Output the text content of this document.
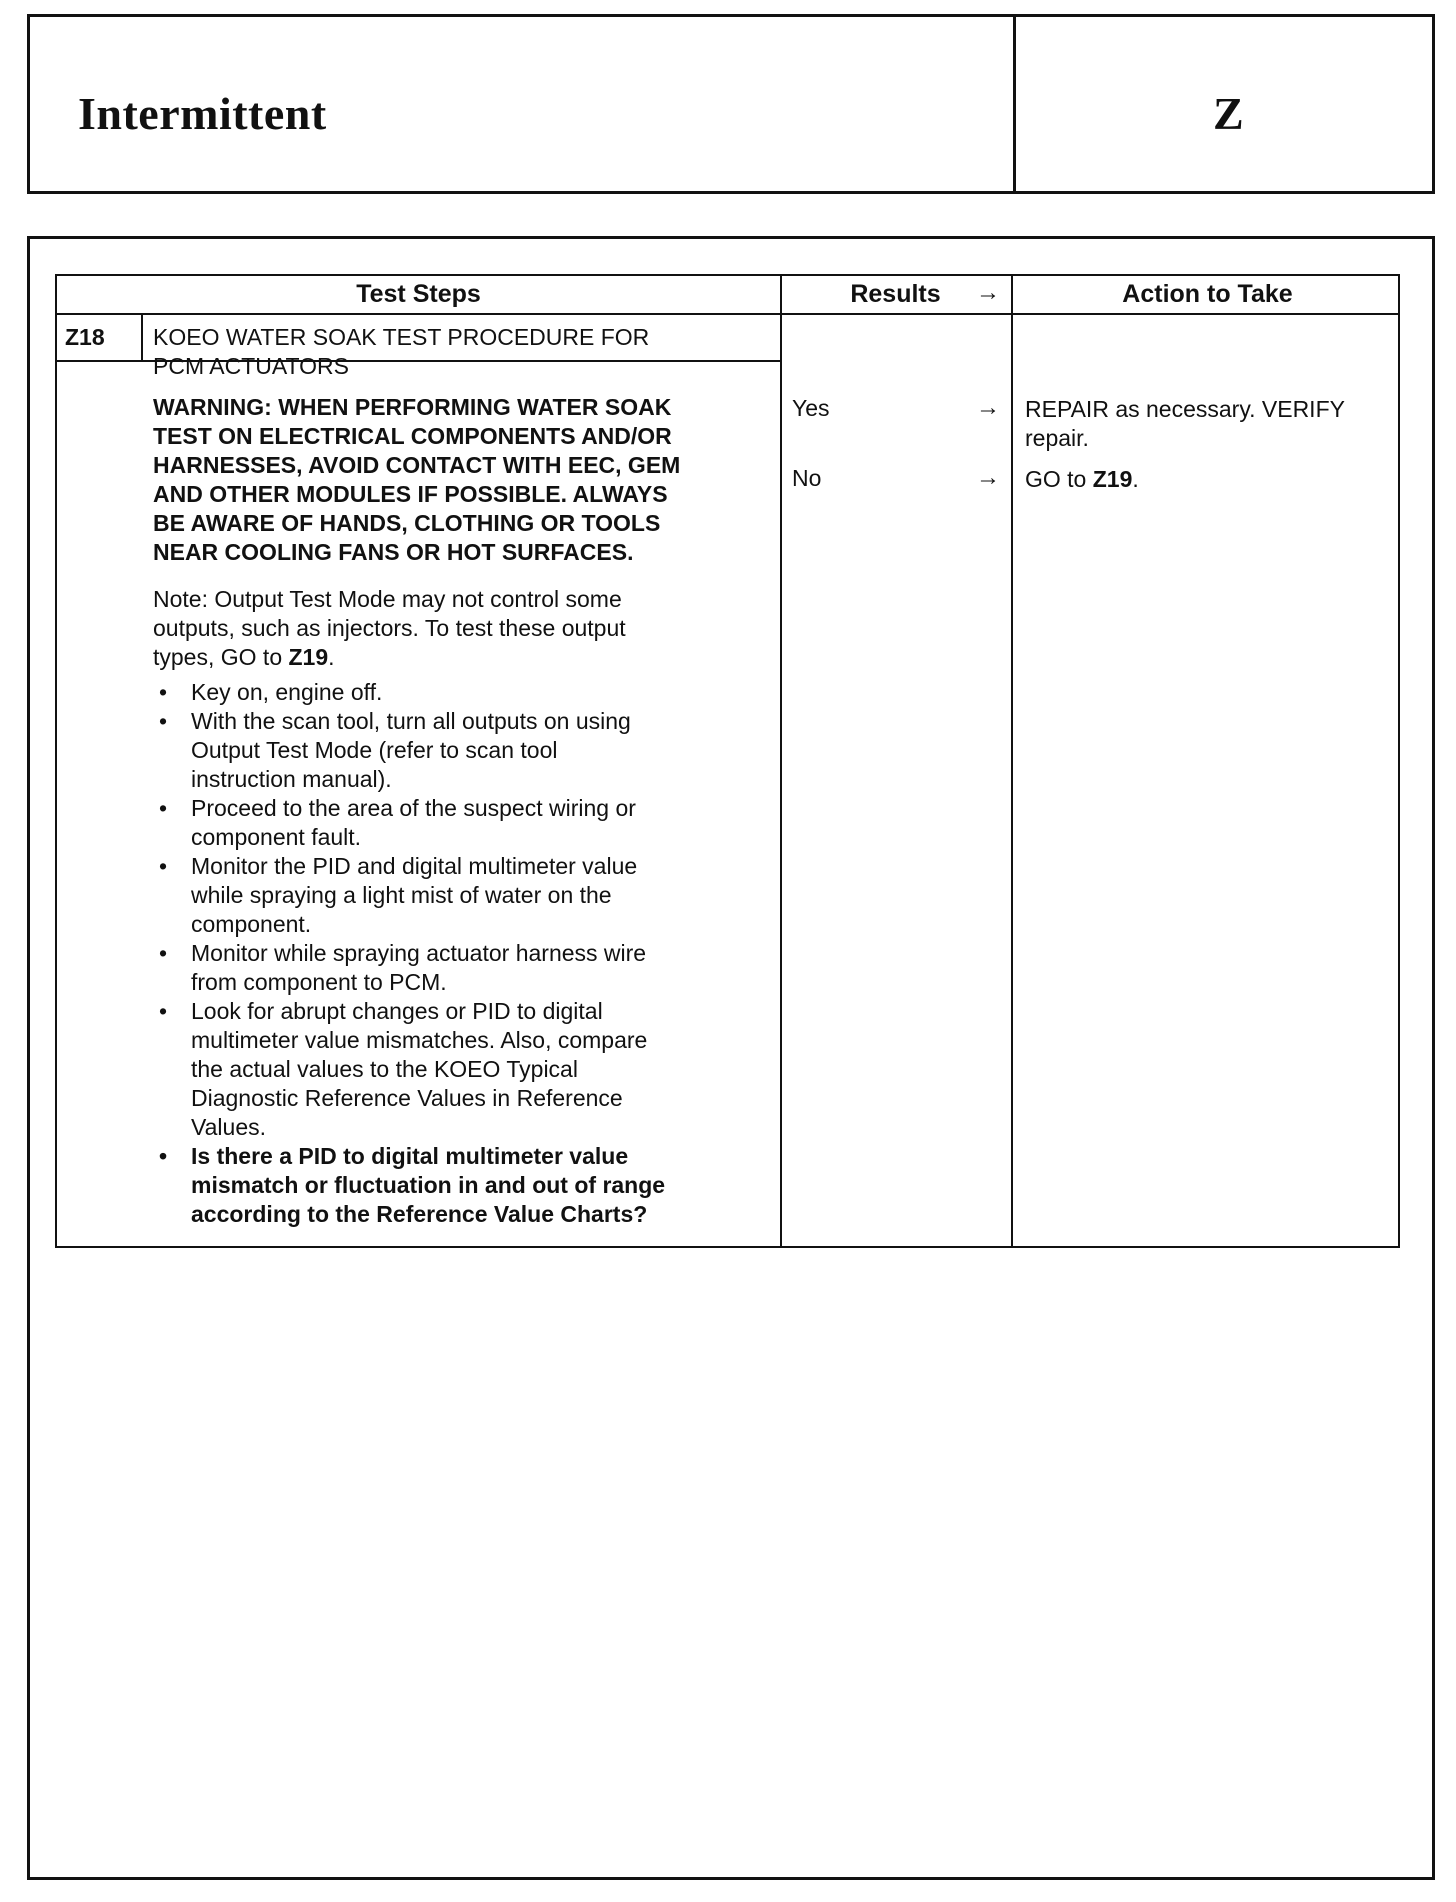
Intermittent	Z
Test Steps	Results	→	Action to Take
Z18 KOEO WATER SOAK TEST PROCEDURE FOR
PCM ACTUATORS
WARNING: WHEN PERFORMING WATER SOAK
TEST ON ELECTRICAL COMPONENTS AND/OR
HARNESSES, AVOID CONTACT WITH EEC, GEM
AND OTHER MODULES IF POSSIBLE. ALWAYS
BE AWARE OF HANDS, CLOTHING OR TOOLS
NEAR COOLING FANS OR HOT SURFACES.
Note: Output Test Mode may not control some
outputs, such as injectors. To test these output
types, GO to Z19.
• Key on, engine off.
• With the scan tool, turn all outputs on using
Output Test Mode (refer to scan tool
instruction manual).
• Proceed to the area of the suspect wiring or
component fault.
• Monitor the PID and digital multimeter value
while spraying a light mist of water on the
component.
• Monitor while spraying actuator harness wire
from component to PCM.
• Look for abrupt changes or PID to digital
multimeter value mismatches. Also, compare
the actual values to the KOEO Typical
Diagnostic Reference Values in Reference
Values.
• Is there a PID to digital multimeter value
mismatch or fluctuation in and out of range
according to the Reference Value Charts?
Yes	→ REPAIR as necessary. VERIFY
repair.
No	→ GO to Z19.
